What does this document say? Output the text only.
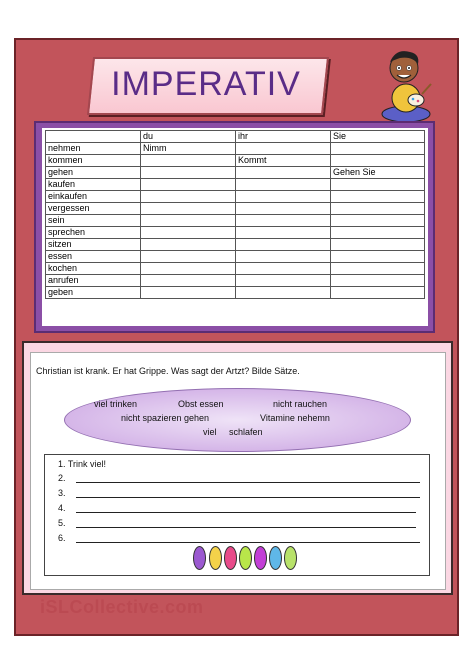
IMPERATIV
	du	ihr	Sie
nehmen	Nimm		
kommen		Kommt	
gehen			Gehen Sie
kaufen			
einkaufen			
vergessen			
sein			
sprechen			
sitzen			
essen			
kochen			
anrufen			
geben			
Christian ist krank. Er hat Grippe. Was sagt der Artzt? Bilde Sätze.
viel trinken	Obst essen	nicht rauchen
nicht spazieren gehen	Vitamine nehemn
viel schlafen
1. Trink viel!
2.
3.
4.
5.
6.
iSLCollective.com
